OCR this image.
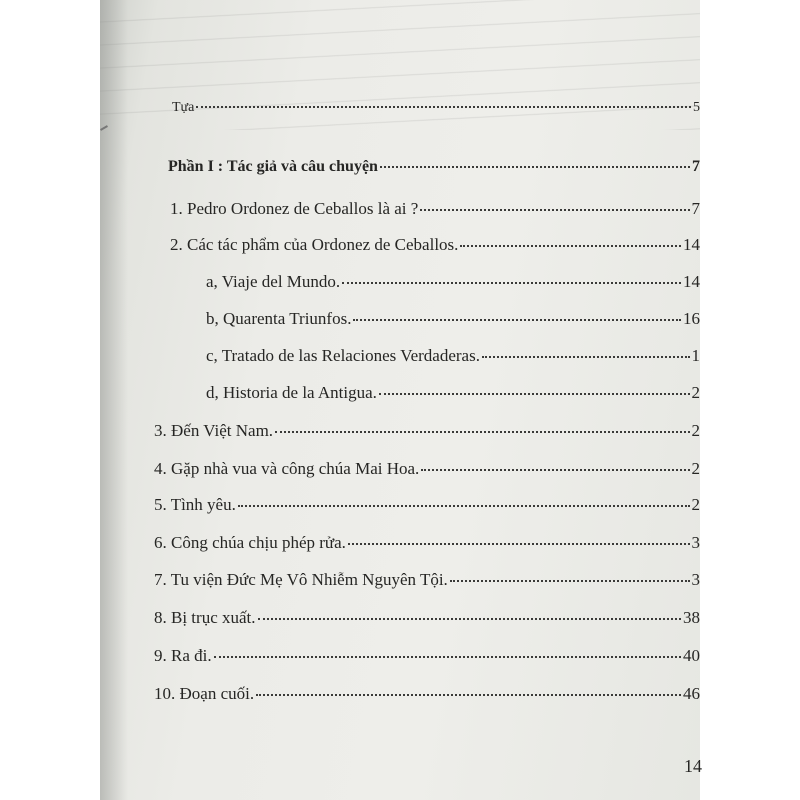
Tựa	5
Phần I : Tác giả và câu chuyện	7
1. Pedro Ordonez de Ceballos là ai ?	7
2. Các tác phẩm của Ordonez de Ceballos.	14
a, Viaje del Mundo.	14
b, Quarenta Triunfos.	16
c, Tratado de las Relaciones Verdaderas.	1
d, Historia de la Antigua.	2
3. Đến Việt Nam.	2
4. Gặp nhà vua và công chúa Mai Hoa.	2
5. Tình yêu.	2
6. Công chúa chịu phép rửa.	3
7. Tu viện Đức Mẹ Vô Nhiễm Nguyên Tội.	3
8. Bị trục xuất.	38
9. Ra đi.	40
10. Đoạn cuối.	46
14
